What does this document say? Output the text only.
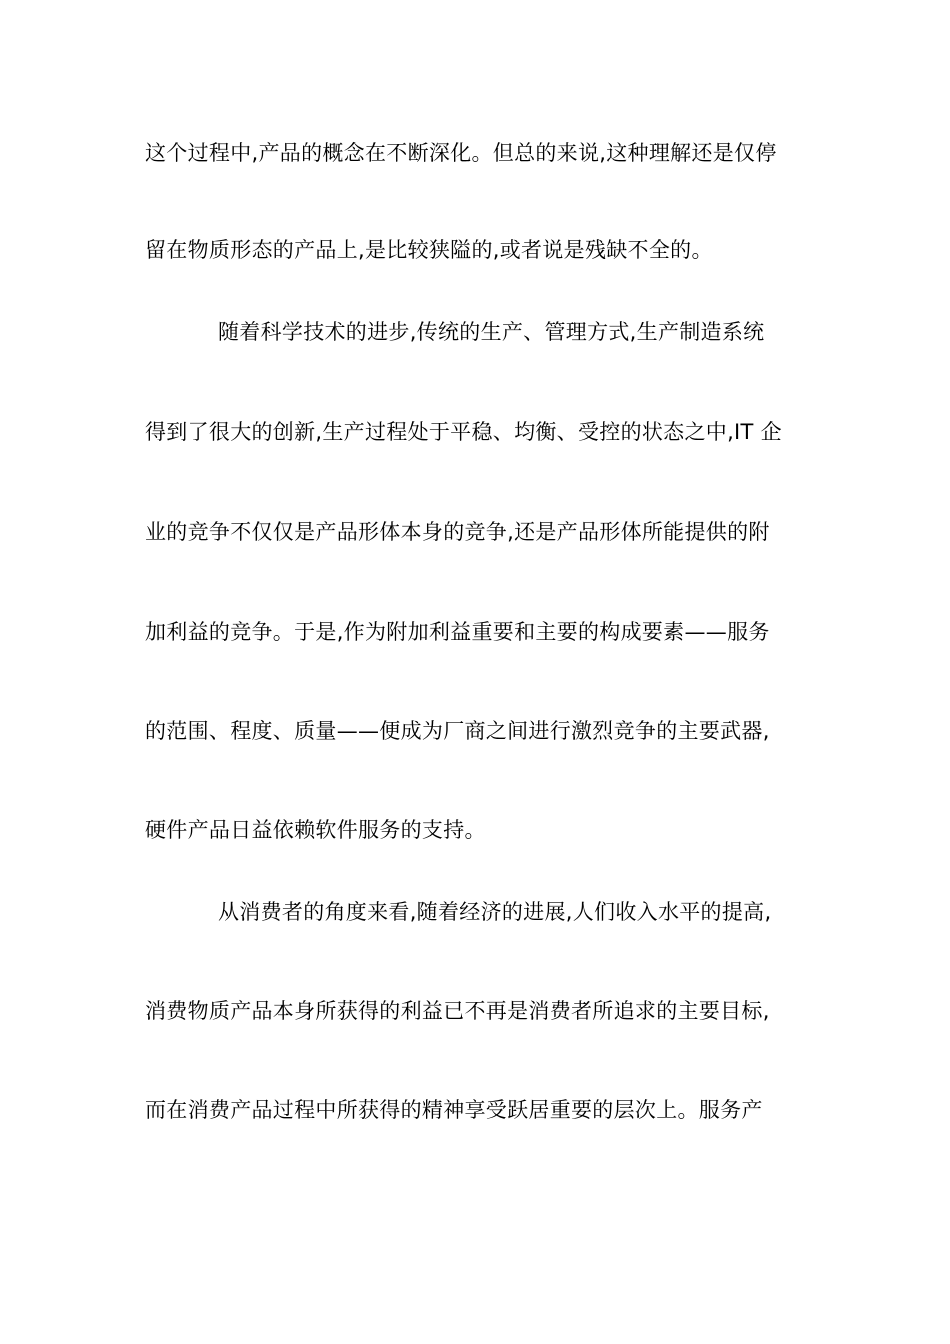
这个过程中,产品的概念在不断深化。但总的来说,这种理解还是仅停
留在物质形态的产品上,是比较狭隘的,或者说是残缺不全的。
随着科学技术的进步,传统的生产、管理方式,生产制造系统
得到了很大的创新,生产过程处于平稳、均衡、受控的状态之中,IT 企
业的竞争不仅仅是产品形体本身的竞争,还是产品形体所能提供的附
加利益的竞争。于是,作为附加利益重要和主要的构成要素——服务
的范围、程度、质量——便成为厂商之间进行激烈竞争的主要武器,
硬件产品日益依赖软件服务的支持。
从消费者的角度来看,随着经济的进展,人们收入水平的提高,
消费物质产品本身所获得的利益已不再是消费者所追求的主要目标,
而在消费产品过程中所获得的精神享受跃居重要的层次上。服务产
